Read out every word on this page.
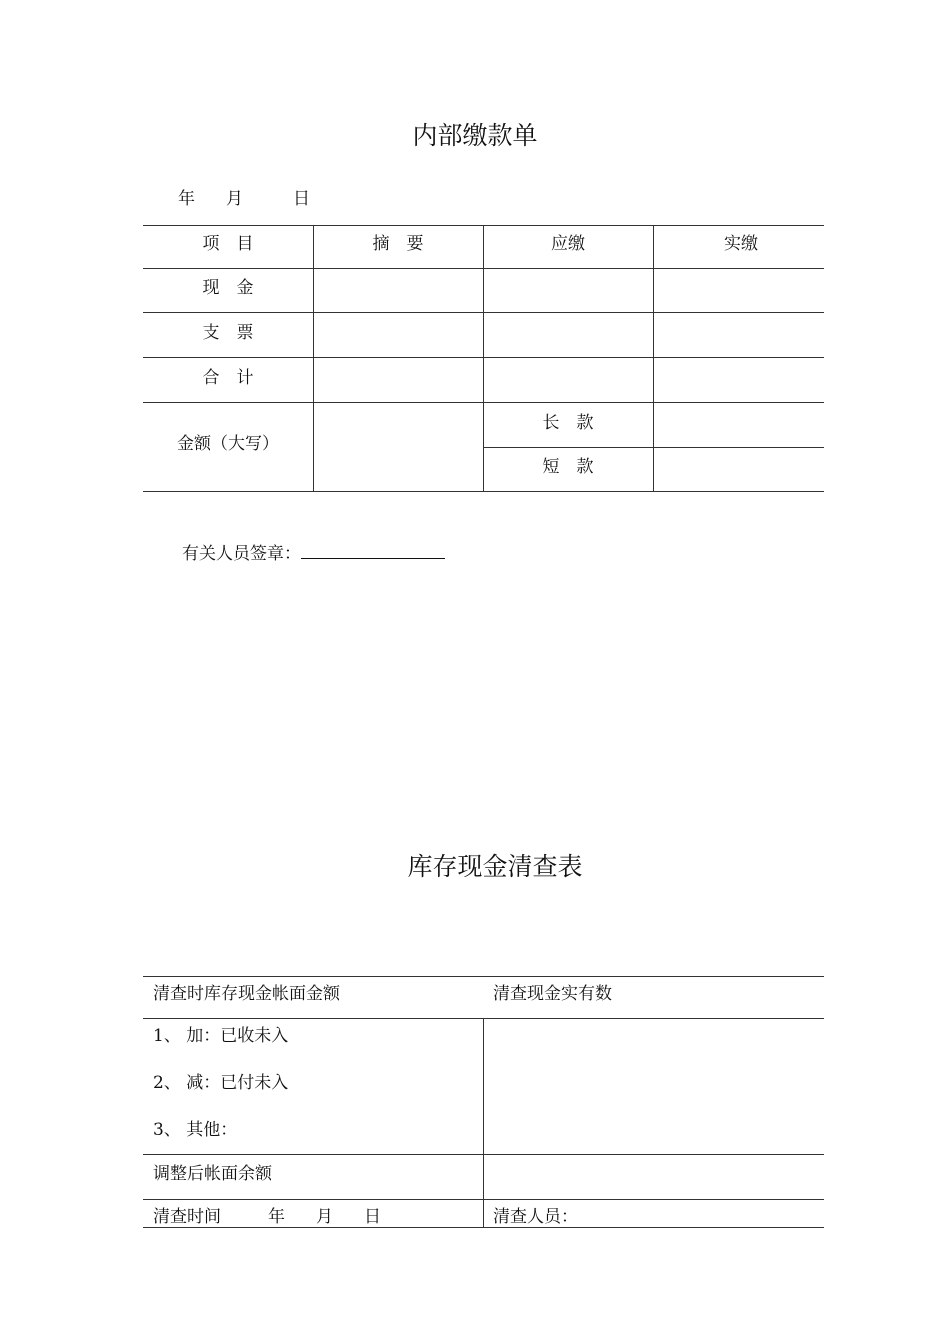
内部缴款单
年 月	日
项　目	摘　要	应缴	实缴
现　金
支　票
合　计
金额（大写）
长　款
短　款
有关人员签章：
库存现金清查表
清查时库存现金帐面金额	清查现金实有数
1、 加：已收未入
2、 减：已付未入
3、 其他：
调整后帐面余额
清查时间	年 月 日	清查人员：
